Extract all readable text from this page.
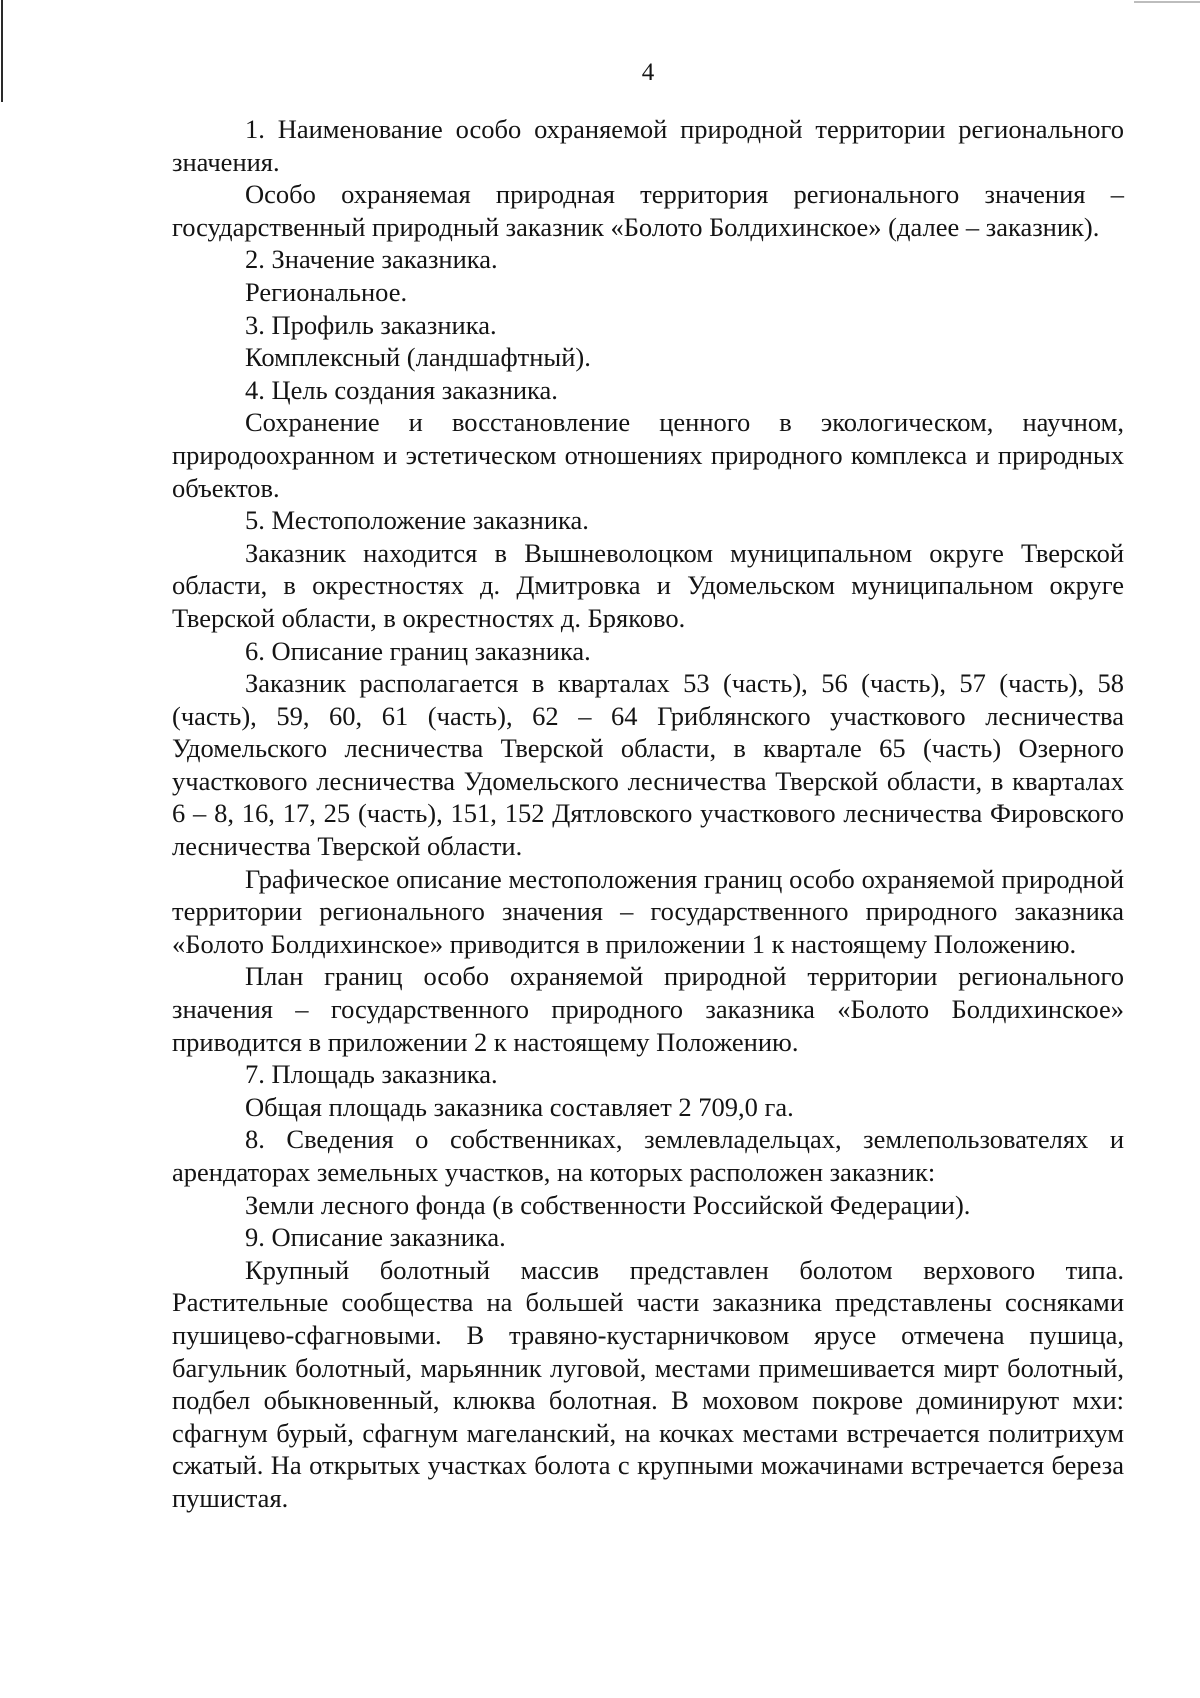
4

1. Наименование особо охраняемой природной территории регионального значения.

Особо охраняемая природная территория регионального значения – государственный природный заказник «Болото Болдихинское» (далее – заказник).

2. Значение заказника.

Региональное.

3. Профиль заказника.

Комплексный (ландшафтный).

4. Цель создания заказника.

Сохранение и восстановление ценного в экологическом, научном, природоохранном и эстетическом отношениях природного комплекса и природных объектов.

5. Местоположение заказника.

Заказник находится в Вышневолоцком муниципальном округе Тверской области, в окрестностях д. Дмитровка и Удомельском муниципальном округе Тверской области, в окрестностях д. Бряково.

6. Описание границ заказника.

Заказник располагается в кварталах 53 (часть), 56 (часть), 57 (часть), 58 (часть), 59, 60, 61 (часть), 62 – 64 Гриблянского участкового лесничества Удомельского лесничества Тверской области, в квартале 65 (часть) Озерного участкового лесничества Удомельского лесничества Тверской области, в кварталах 6 – 8, 16, 17, 25 (часть), 151, 152 Дятловского участкового лесничества Фировского лесничества Тверской области.

Графическое описание местоположения границ особо охраняемой природной территории регионального значения – государственного природного заказника «Болото Болдихинское» приводится в приложении 1 к настоящему Положению.

План границ особо охраняемой природной территории регионального значения – государственного природного заказника «Болото Болдихинское» приводится в приложении 2 к настоящему Положению.

7. Площадь заказника.

Общая площадь заказника составляет 2 709,0 га.

8. Сведения о собственниках, землевладельцах, землепользователях и арендаторах земельных участков, на которых расположен заказник:

Земли лесного фонда (в собственности Российской Федерации).

9. Описание заказника.

Крупный болотный массив представлен болотом верхового типа. Растительные сообщества на большей части заказника представлены сосняками пушицево-сфагновыми. В травяно-кустарничковом ярусе отмечена пушица, багульник болотный, марьянник луговой, местами примешивается мирт болотный, подбел обыкновенный, клюква болотная. В моховом покрове доминируют мхи: сфагнум бурый, сфагнум магеланский, на кочках местами встречается политрихум сжатый. На открытых участках болота с крупными можачинами встречается береза пушистая.
